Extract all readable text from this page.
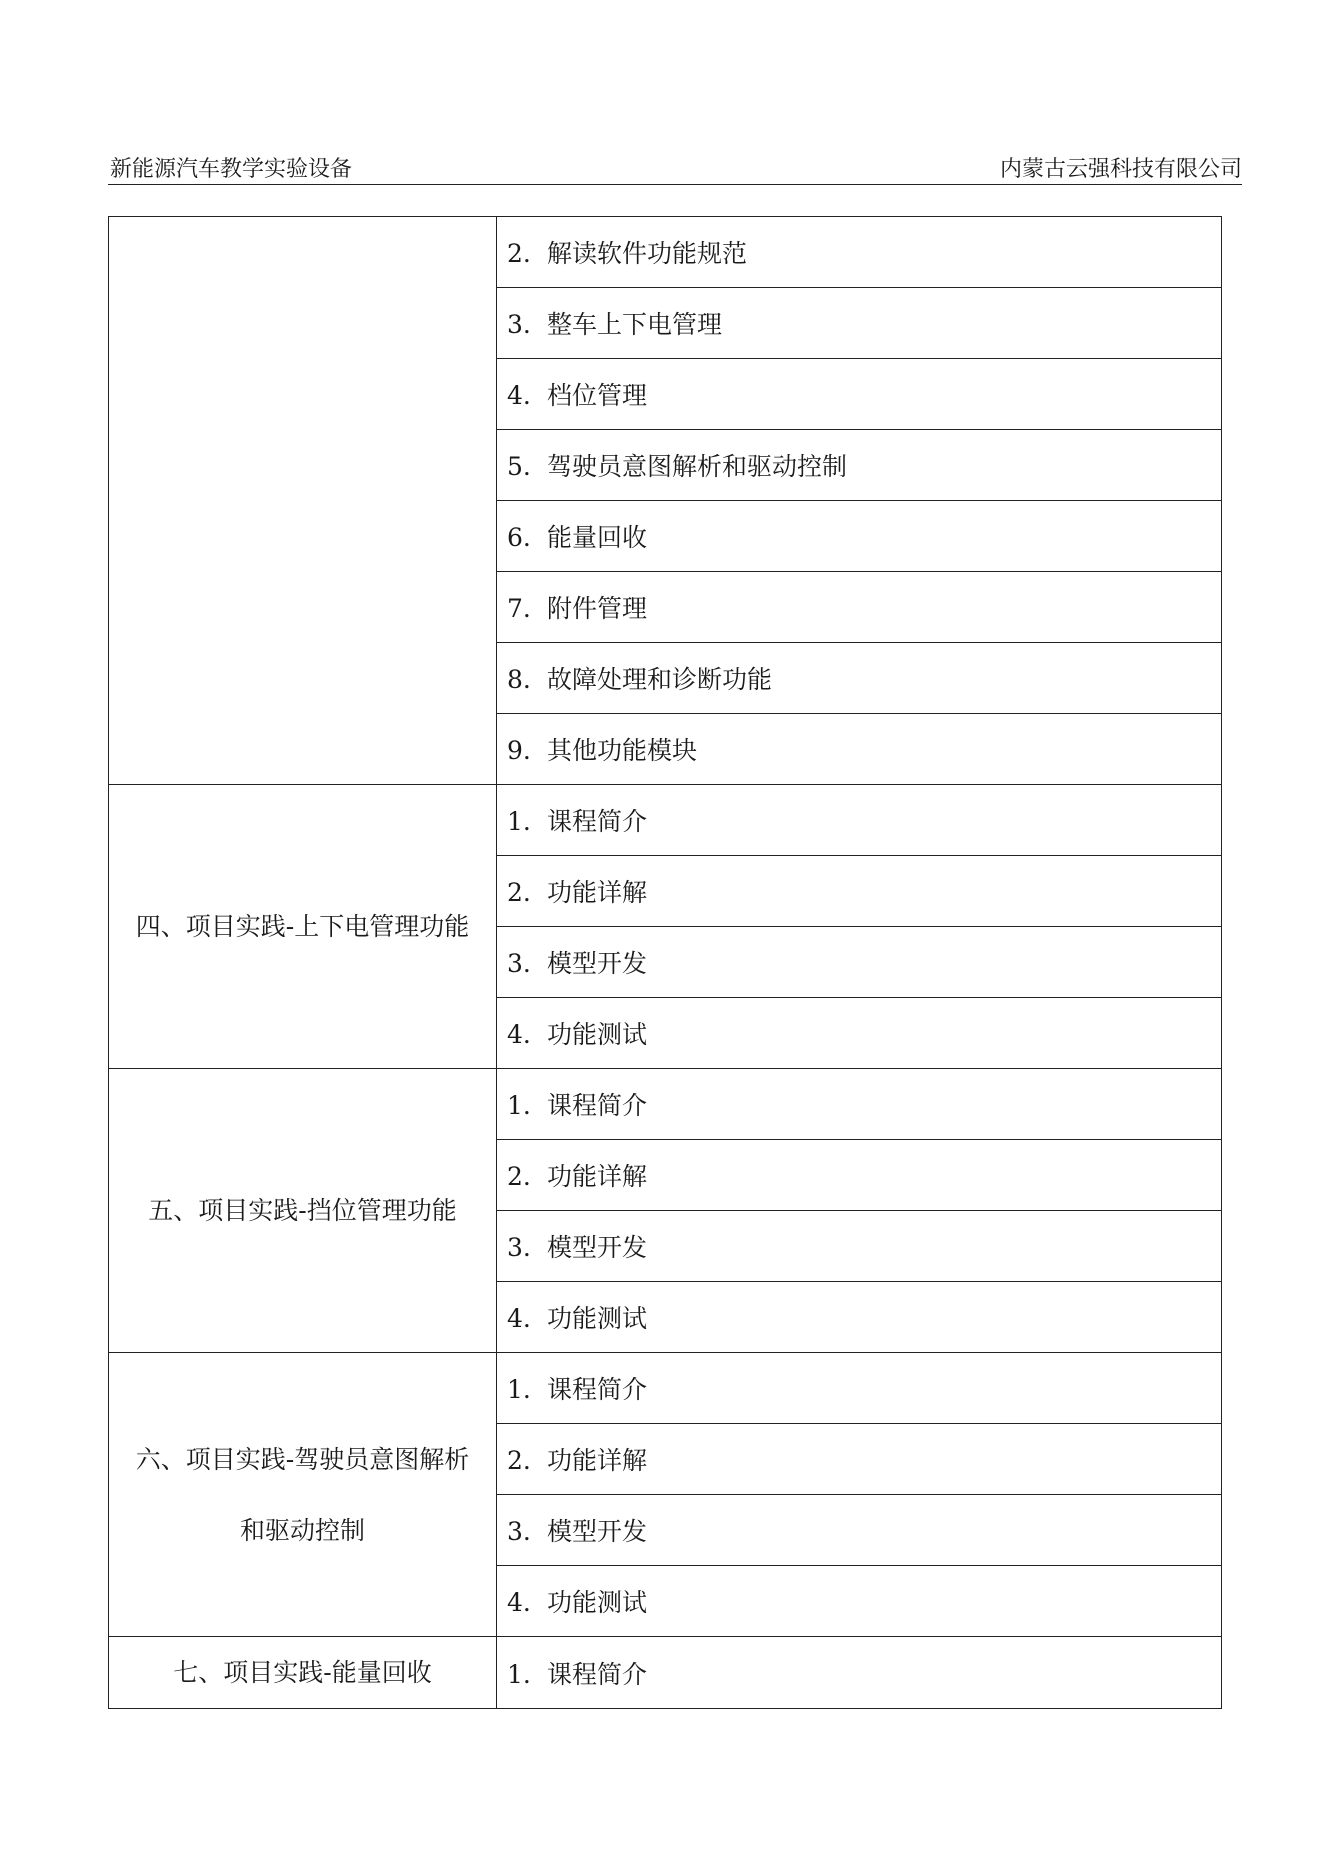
新能源汽车教学实验设备	内蒙古云强科技有限公司
	2. 解读软件功能规范
	3. 整车上下电管理
	4. 档位管理
	5. 驾驶员意图解析和驱动控制
	6. 能量回收
	7. 附件管理
	8. 故障处理和诊断功能
	9. 其他功能模块
四、项目实践-上下电管理功能	1. 课程简介
	2. 功能详解
	3. 模型开发
	4. 功能测试
五、项目实践-挡位管理功能	1. 课程简介
	2. 功能详解
	3. 模型开发
	4. 功能测试
六、项目实践-驾驶员意图解析
和驱动控制	1. 课程简介
	2. 功能详解
	3. 模型开发
	4. 功能测试
七、项目实践-能量回收	1. 课程简介
